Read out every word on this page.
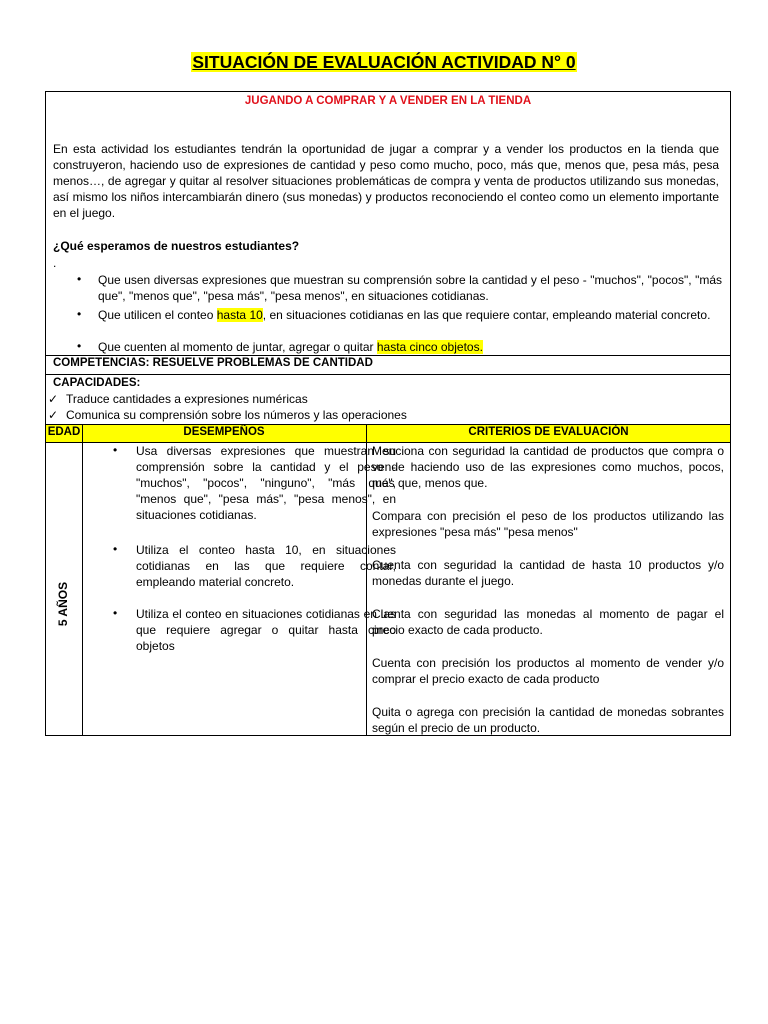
SITUACIÓN DE EVALUACIÓN ACTIVIDAD N° 0
JUGANDO A COMPRAR Y A VENDER EN LA TIENDA
En esta actividad los estudiantes tendrán la oportunidad de jugar a comprar y a vender los productos en la tienda que construyeron, haciendo uso de expresiones de cantidad y peso como mucho, poco, más que, menos que, pesa más, pesa menos…, de agregar y quitar al resolver situaciones problemáticas de compra y venta de productos utilizando sus monedas, así mismo los niños intercambiarán dinero (sus monedas) y productos reconociendo el conteo como un elemento importante en el juego.
¿Qué esperamos de nuestros estudiantes?
.
• Que usen diversas expresiones que muestran su comprensión sobre la cantidad y el peso - "muchos", "pocos", "más que", "menos que", "pesa más", "pesa menos", en situaciones cotidianas.
• Que utilicen el conteo hasta 10, en situaciones cotidianas en las que requiere contar, empleando material concreto.
• Que cuenten al momento de juntar, agregar o quitar hasta cinco objetos.
COMPETENCIAS: RESUELVE PROBLEMAS DE CANTIDAD
CAPACIDADES:
✓ Traduce cantidades a expresiones numéricas
✓ Comunica su comprensión sobre los números y las operaciones
EDAD	DESEMPEÑOS	CRITERIOS DE EVALUACIÓN
5 AÑOS
• Usa diversas expresiones que muestran su comprensión sobre la cantidad y el peso - "muchos", "pocos", "ninguno", "más que", "menos que", "pesa más", "pesa menos", en situaciones cotidianas.
• Utiliza el conteo hasta 10, en situaciones cotidianas en las que requiere contar, empleando material concreto.
• Utiliza el conteo en situaciones cotidianas en las que requiere agregar o quitar hasta cinco objetos
Menciona con seguridad la cantidad de productos que compra o vende haciendo uso de las expresiones como muchos, pocos, más que, menos que.
Compara con precisión el peso de los productos utilizando las expresiones "pesa más" "pesa menos"
Cuenta con seguridad la cantidad de hasta 10 productos y/o monedas durante el juego.
Cuenta con seguridad las monedas al momento de pagar el precio exacto de cada producto.
Cuenta con precisión los productos al momento de vender y/o comprar el precio exacto de cada producto
Quita o agrega con precisión la cantidad de monedas sobrantes según el precio de un producto.
